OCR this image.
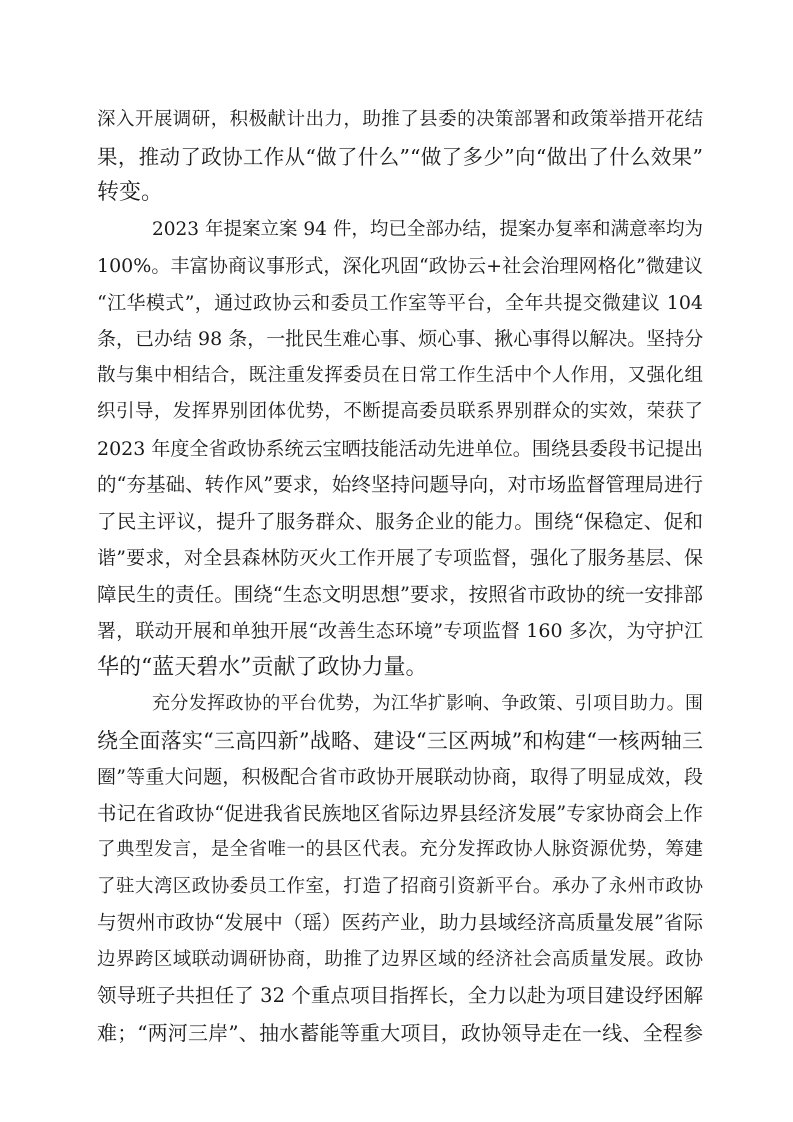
深入开展调研，积极献计出力，助推了县委的决策部署和政策举措开花结
果，推动了政协工作从“做了什么”“做了多少”向“做出了什么效果”
转变。
2023 年提案立案 94 件，均已全部办结，提案办复率和满意率均为
100%。丰富协商议事形式，深化巩固“政协云+社会治理网格化”微建议
“江华模式”，通过政协云和委员工作室等平台，全年共提交微建议 104
条，已办结 98 条，一批民生难心事、烦心事、揪心事得以解决。坚持分
散与集中相结合，既注重发挥委员在日常工作生活中个人作用，又强化组
织引导，发挥界别团体优势，不断提高委员联系界别群众的实效，荣获了
2023 年度全省政协系统云宝晒技能活动先进单位。围绕县委段书记提出
的“夯基础、转作风”要求，始终坚持问题导向，对市场监督管理局进行
了民主评议，提升了服务群众、服务企业的能力。围绕“保稳定、促和
谐”要求，对全县森林防灭火工作开展了专项监督，强化了服务基层、保
障民生的责任。围绕“生态文明思想”要求，按照省市政协的统一安排部
署，联动开展和单独开展“改善生态环境”专项监督 160 多次，为守护江
华的“蓝天碧水”贡献了政协力量。
充分发挥政协的平台优势，为江华扩影响、争政策、引项目助力。围
绕全面落实“三高四新”战略、建设“三区两城”和构建“一核两轴三
圈”等重大问题，积极配合省市政协开展联动协商，取得了明显成效，段
书记在省政协“促进我省民族地区省际边界县经济发展”专家协商会上作
了典型发言，是全省唯一的县区代表。充分发挥政协人脉资源优势，筹建
了驻大湾区政协委员工作室，打造了招商引资新平台。承办了永州市政协
与贺州市政协“发展中（瑶）医药产业，助力县域经济高质量发展”省际
边界跨区域联动调研协商，助推了边界区域的经济社会高质量发展。政协
领导班子共担任了 32 个重点项目指挥长，全力以赴为项目建设纾困解
难；“两河三岸”、抽水蓄能等重大项目，政协领导走在一线、全程参
